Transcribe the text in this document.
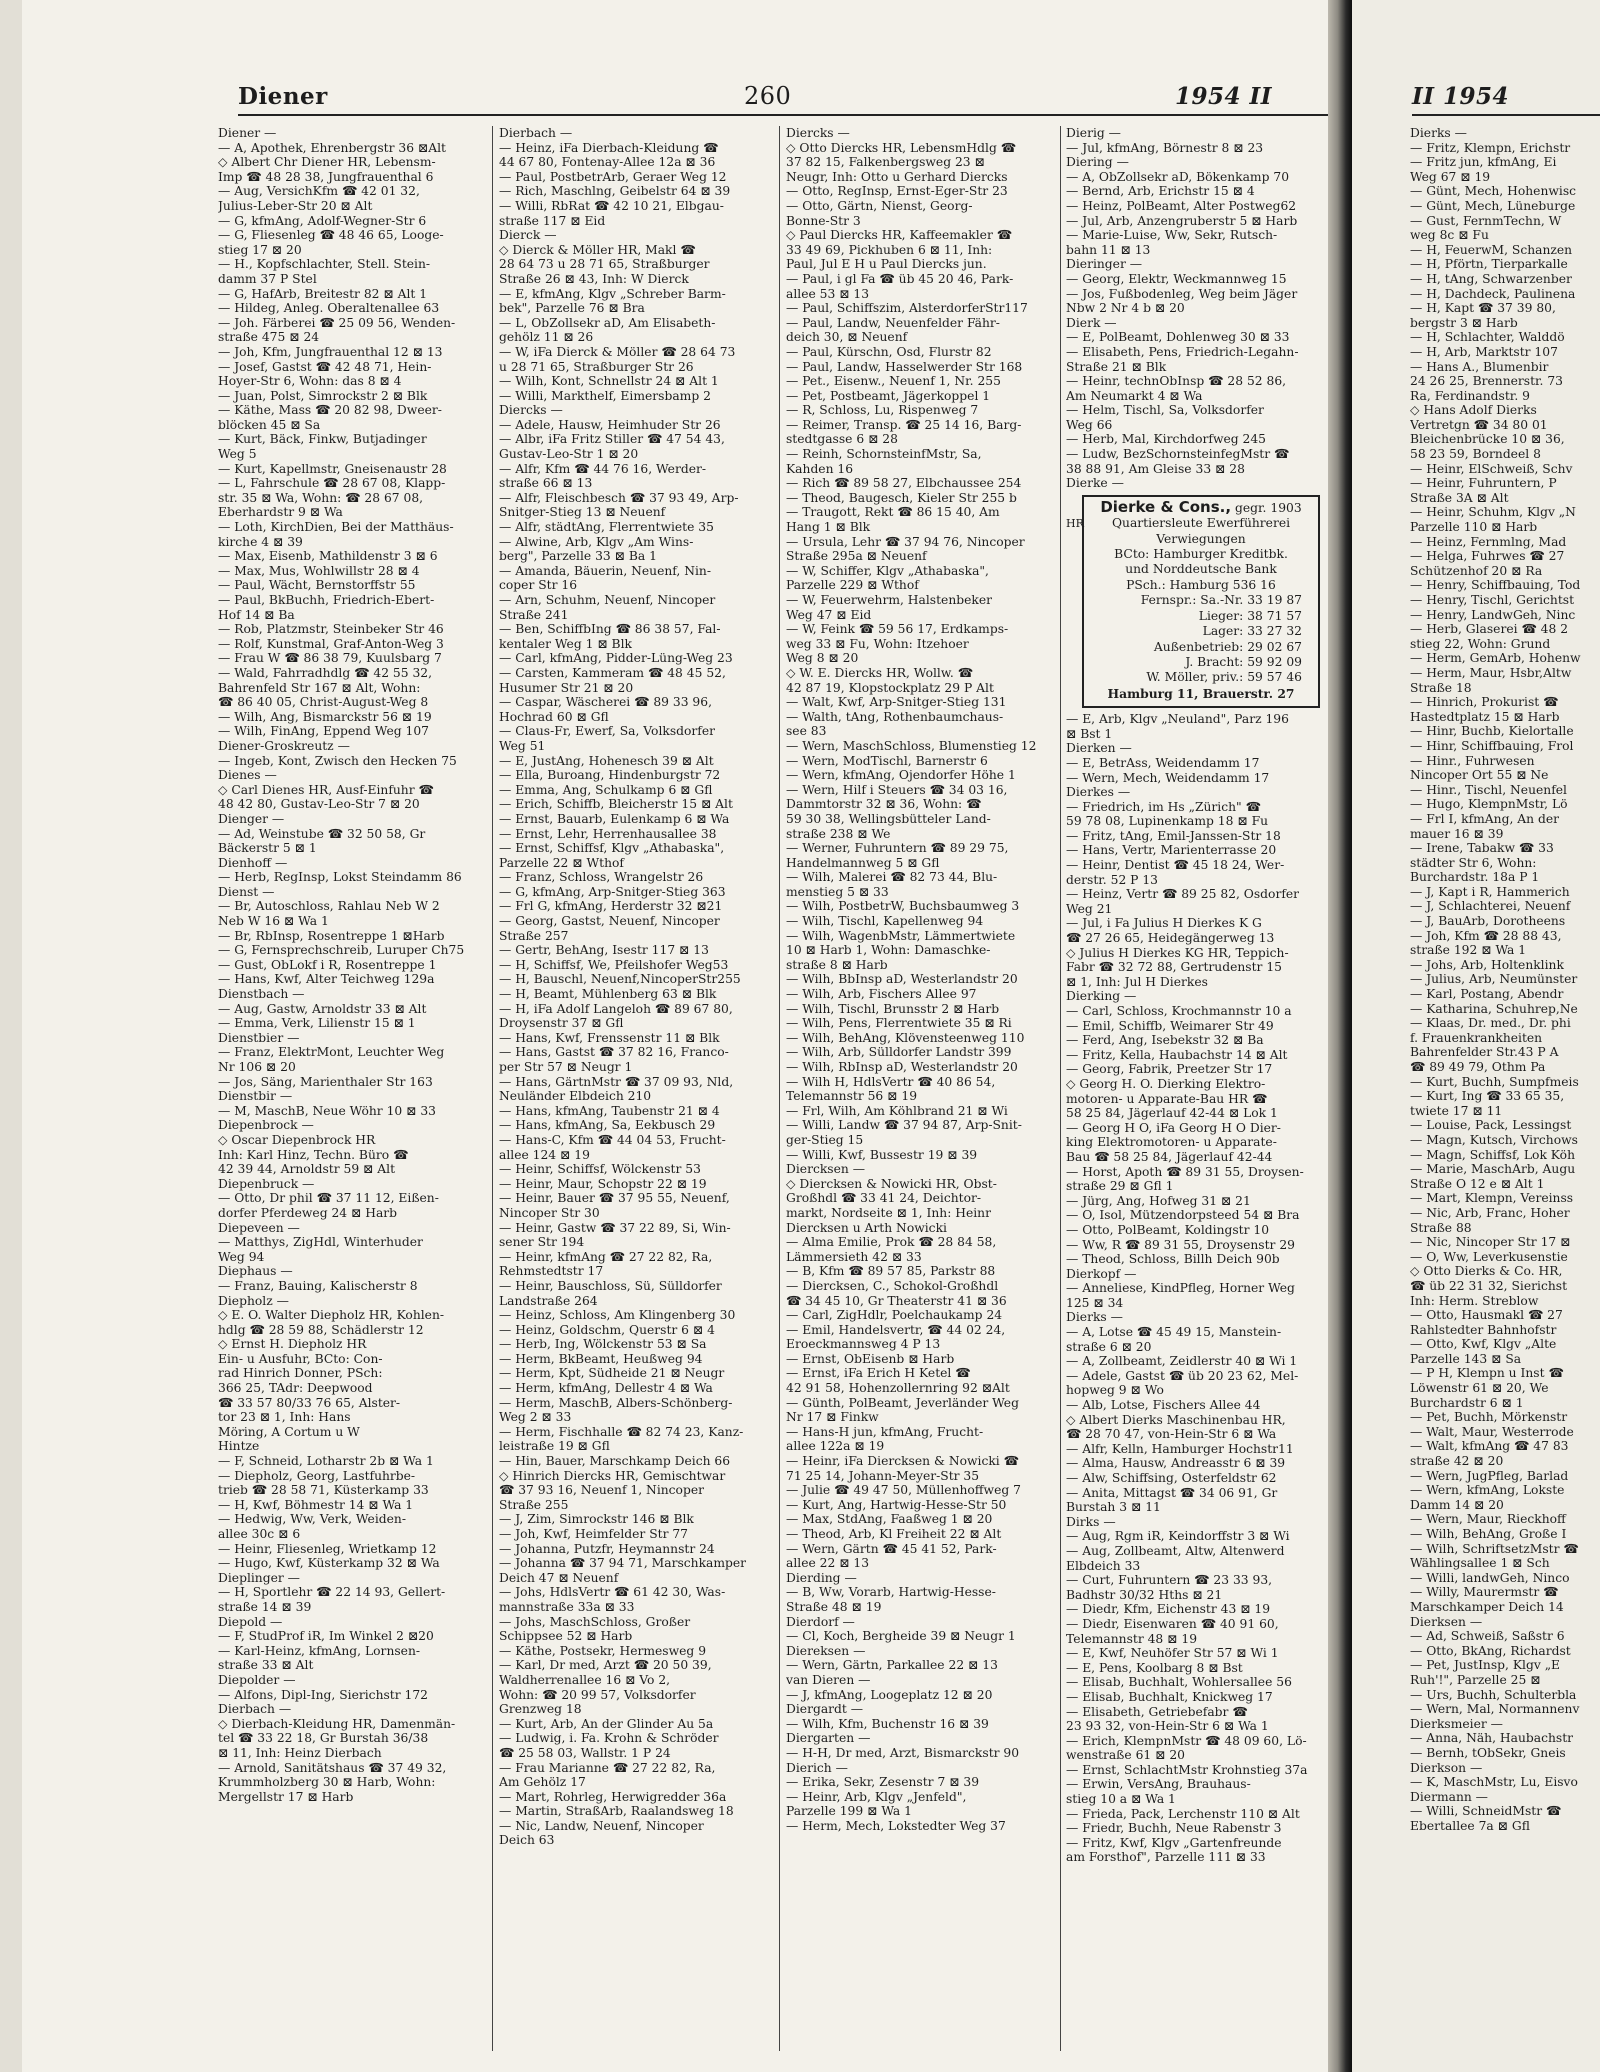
Diener	260	1954 II
Diener —
— A, Apothek, Ehrenbergstr 36 ⊠Alt
◇ Albert Chr Diener HR, Lebensm-
Imp ☎ 48 28 38, Jungfrauenthal 6
— Aug, VersichKfm ☎ 42 01 32,
Julius-Leber-Str 20 ⊠ Alt
— G, kfmAng, Adolf-Wegner-Str 6
— G, Fliesenleg ☎ 48 46 65, Looge-
stieg 17 ⊠ 20
— H., Kopfschlachter, Stell. Stein-
damm 37 P Stel
— G, HafArb, Breitestr 82 ⊠ Alt 1
— Hildeg, Anleg. Oberaltenallee 63
— Joh. Färberei ☎ 25 09 56, Wenden-
straße 475 ⊠ 24
— Joh, Kfm, Jungfrauenthal 12 ⊠ 13
— Josef, Gastst ☎ 42 48 71, Hein-
Hoyer-Str 6, Wohn: das 8 ⊠ 4
— Juan, Polst, Simrockstr 2 ⊠ Blk
— Käthe, Mass ☎ 20 82 98, Dweer-
blöcken 45 ⊠ Sa
— Kurt, Bäck, Finkw, Butjadinger
Weg 5
— Kurt, Kapellmstr, Gneisenaustr 28
— L, Fahrschule ☎ 28 67 08, Klapp-
str. 35 ⊠ Wa, Wohn: ☎ 28 67 08,
Eberhardstr 9 ⊠ Wa
— Loth, KirchDien, Bei der Matthäus-
kirche 4 ⊠ 39
— Max, Eisenb, Mathildenstr 3 ⊠ 6
— Max, Mus, Wohlwillstr 28 ⊠ 4
— Paul, Wächt, Bernstorffstr 55
— Paul, BkBuchh, Friedrich-Ebert-
Hof 14 ⊠ Ba
— Rob, Platzmstr, Steinbeker Str 46
— Rolf, Kunstmal, Graf-Anton-Weg 3
— Frau W ☎ 86 38 79, Kuulsbarg 7
— Wald, Fahrradhdlg ☎ 42 55 32,
Bahrenfeld Str 167 ⊠ Alt, Wohn:
☎ 86 40 05, Christ-August-Weg 8
— Wilh, Ang, Bismarckstr 56 ⊠ 19
— Wilh, FinAng, Eppend Weg 107
Diener-Groskreutz —
— Ingeb, Kont, Zwisch den Hecken 75
Dienes —
◇ Carl Dienes HR, Ausf-Einfuhr ☎
48 42 80, Gustav-Leo-Str 7 ⊠ 20
Dienger —
— Ad, Weinstube ☎ 32 50 58, Gr
Bäckerstr 5 ⊠ 1
Dienhoff —
— Herb, RegInsp, Lokst Steindamm 86
Dienst —
— Br, Autoschloss, Rahlau Neb W 2
Neb W 16 ⊠ Wa 1
— Br, RbInsp, Rosentreppe 1 ⊠Harb
— G, Fernsprechschreib, Luruper Ch75
— Gust, ObLokf i R, Rosentreppe 1
— Hans, Kwf, Alter Teichweg 129a
Dienstbach —
— Aug, Gastw, Arnoldstr 33 ⊠ Alt
— Emma, Verk, Lilienstr 15 ⊠ 1
Dienstbier —
— Franz, ElektrMont, Leuchter Weg
Nr 106 ⊠ 20
— Jos, Säng, Marienthaler Str 163
Dienstbir —
— M, MaschB, Neue Wöhr 10 ⊠ 33
Diepenbrock —
◇ Oscar Diepenbrock HR
Inh: Karl Hinz, Techn. Büro ☎
42 39 44, Arnoldstr 59 ⊠ Alt
Diepenbruck —
— Otto, Dr phil ☎ 37 11 12, Eißen-
dorfer Pferdeweg 24 ⊠ Harb
Diepeveen —
— Matthys, ZigHdl, Winterhuder
Weg 94
Diephaus —
— Franz, Bauing, Kalischerstr 8
Diepholz —
◇ E. O. Walter Diepholz HR, Kohlen-
hdlg ☎ 28 59 88, Schädlerstr 12
◇ Ernst H. Diepholz HR
Ein- u Ausfuhr, BCto: Con-
rad Hinrich Donner, PSch:
366 25, TAdr: Deepwood
☎ 33 57 80/33 76 65, Alster-
tor 23 ⊠ 1, Inh: Hans
Möring, A Cortum u W
Hintze
— F, Schneid, Lotharstr 2b ⊠ Wa 1
— Diepholz, Georg, Lastfuhrbe-
trieb ☎ 28 58 71, Küsterkamp 33
— H, Kwf, Böhmestr 14 ⊠ Wa 1
— Hedwig, Ww, Verk, Weiden-
allee 30c ⊠ 6
— Heinr, Fliesenleg, Wrietkamp 12
— Hugo, Kwf, Küsterkamp 32 ⊠ Wa
Dieplinger —
— H, Sportlehr ☎ 22 14 93, Gellert-
straße 14 ⊠ 39
Diepold —
— F, StudProf iR, Im Winkel 2 ⊠20
— Karl-Heinz, kfmAng, Lornsen-
straße 33 ⊠ Alt
Diepolder —
— Alfons, Dipl-Ing, Sierichstr 172
Dierbach —
◇ Dierbach-Kleidung HR, Damenmän-
tel ☎ 33 22 18, Gr Burstah 36/38
⊠ 11, Inh: Heinz Dierbach
— Arnold, Sanitätshaus ☎ 37 49 32,
Krummholzberg 30 ⊠ Harb, Wohn:
Mergellstr 17 ⊠ Harb
Dierbach —
— Heinz, iFa Dierbach-Kleidung ☎
44 67 80, Fontenay-Allee 12a ⊠ 36
— Paul, PostbetrArb, Geraer Weg 12
— Rich, Maschlng, Geibelstr 64 ⊠ 39
— Willi, RbRat ☎ 42 10 21, Elbgau-
straße 117 ⊠ Eid
Dierck —
◇ Dierck & Möller HR, Makl ☎
28 64 73 u 28 71 65, Straßburger
Straße 26 ⊠ 43, Inh: W Dierck
— E, kfmAng, Klgv „Schreber Barm-
bek", Parzelle 76 ⊠ Bra
— L, ObZollsekr aD, Am Elisabeth-
gehölz 11 ⊠ 26
— W, iFa Dierck & Möller ☎ 28 64 73
u 28 71 65, Straßburger Str 26
— Wilh, Kont, Schnellstr 24 ⊠ Alt 1
— Willi, Markthelf, Eimersbamp 2
Diercks —
— Adele, Hausw, Heimhuder Str 26
— Albr, iFa Fritz Stiller ☎ 47 54 43,
Gustav-Leo-Str 1 ⊠ 20
— Alfr, Kfm ☎ 44 76 16, Werder-
straße 66 ⊠ 13
— Alfr, Fleischbesch ☎ 37 93 49, Arp-
Snitger-Stieg 13 ⊠ Neuenf
— Alfr, städtAng, Flerrentwiete 35
— Alwine, Arb, Klgv „Am Wins-
berg", Parzelle 33 ⊠ Ba 1
— Amanda, Bäuerin, Neuenf, Nin-
coper Str 16
— Arn, Schuhm, Neuenf, Nincoper
Straße 241
— Ben, SchiffbIng ☎ 86 38 57, Fal-
kentaler Weg 1 ⊠ Blk
— Carl, kfmAng, Pidder-Lüng-Weg 23
— Carsten, Kammeram ☎ 48 45 52,
Husumer Str 21 ⊠ 20
— Caspar, Wäscherei ☎ 89 33 96,
Hochrad 60 ⊠ Gfl
— Claus-Fr, Ewerf, Sa, Volksdorfer
Weg 51
— E, JustAng, Hohenesch 39 ⊠ Alt
— Ella, Buroang, Hindenburgstr 72
— Emma, Ang, Schulkamp 6 ⊠ Gfl
— Erich, Schiffb, Bleicherstr 15 ⊠ Alt
— Ernst, Bauarb, Eulenkamp 6 ⊠ Wa
— Ernst, Lehr, Herrenhausallee 38
— Ernst, Schiffsf, Klgv „Athabaska",
Parzelle 22 ⊠ Wthof
— Franz, Schloss, Wrangelstr 26
— G, kfmAng, Arp-Snitger-Stieg 363
— Frl G, kfmAng, Herderstr 32 ⊠21
— Georg, Gastst, Neuenf, Nincoper
Straße 257
— Gertr, BehAng, Isestr 117 ⊠ 13
— H, Schiffsf, We, Pfeilshofer Weg53
— H, Bauschl, Neuenf,NincoperStr255
— H, Beamt, Mühlenberg 63 ⊠ Blk
— H, iFa Adolf Langeloh ☎ 89 67 80,
Droysenstr 37 ⊠ Gfl
— Hans, Kwf, Frenssenstr 11 ⊠ Blk
— Hans, Gastst ☎ 37 82 16, Franco-
per Str 57 ⊠ Neugr 1
— Hans, GärtnMstr ☎ 37 09 93, Nld,
Neuländer Elbdeich 210
— Hans, kfmAng, Taubenstr 21 ⊠ 4
— Hans, kfmAng, Sa, Eekbusch 29
— Hans-C, Kfm ☎ 44 04 53, Frucht-
allee 124 ⊠ 19
— Heinr, Schiffsf, Wölckenstr 53
— Heinr, Maur, Schopstr 22 ⊠ 19
— Heinr, Bauer ☎ 37 95 55, Neuenf,
Nincoper Str 30
— Heinr, Gastw ☎ 37 22 89, Si, Win-
sener Str 194
— Heinr, kfmAng ☎ 27 22 82, Ra,
Rehmstedtstr 17
— Heinr, Bauschloss, Sü, Sülldorfer
Landstraße 264
— Heinz, Schloss, Am Klingenberg 30
— Heinz, Goldschm, Querstr 6 ⊠ 4
— Herb, Ing, Wölckenstr 53 ⊠ Sa
— Herm, BkBeamt, Heußweg 94
— Herm, Kpt, Südheide 21 ⊠ Neugr
— Herm, kfmAng, Dellestr 4 ⊠ Wa
— Herm, MaschB, Albers-Schönberg-
Weg 2 ⊠ 33
— Herm, Fischhalle ☎ 82 74 23, Kanz-
leistraße 19 ⊠ Gfl
— Hin, Bauer, Marschkamp Deich 66
◇ Hinrich Diercks HR, Gemischtwar
☎ 37 93 16, Neuenf 1, Nincoper
Straße 255
— J, Zim, Simrockstr 146 ⊠ Blk
— Joh, Kwf, Heimfelder Str 77
— Johanna, Putzfr, Heymannstr 24
— Johanna ☎ 37 94 71, Marschkamper
Deich 47 ⊠ Neuenf
— Johs, HdlsVertr ☎ 61 42 30, Was-
mannstraße 33a ⊠ 33
— Johs, MaschSchloss, Großer
Schippsee 52 ⊠ Harb
— Käthe, Postsekr, Hermesweg 9
— Karl, Dr med, Arzt ☎ 20 50 39,
Waldherrenallee 16 ⊠ Vo 2,
Wohn: ☎ 20 99 57, Volksdorfer
Grenzweg 18
— Kurt, Arb, An der Glinder Au 5a
— Ludwig, i. Fa. Krohn & Schröder
☎ 25 58 03, Wallstr. 1 P 24
— Frau Marianne ☎ 27 22 82, Ra,
Am Gehölz 17
— Mart, Rohrleg, Herwigredder 36a
— Martin, StraßArb, Raalandsweg 18
— Nic, Landw, Neuenf, Nincoper
Deich 63
Diercks —
◇ Otto Diercks HR, LebensmHdlg ☎
37 82 15, Falkenbergsweg 23 ⊠
Neugr, Inh: Otto u Gerhard Diercks
— Otto, RegInsp, Ernst-Eger-Str 23
— Otto, Gärtn, Nienst, Georg-
Bonne-Str 3
◇ Paul Diercks HR, Kaffeemakler ☎
33 49 69, Pickhuben 6 ⊠ 11, Inh:
Paul, Jul E H u Paul Diercks jun.
— Paul, i gl Fa ☎ üb 45 20 46, Park-
allee 53 ⊠ 13
— Paul, Schiffszim, AlsterdorferStr117
— Paul, Landw, Neuenfelder Fähr-
deich 30, ⊠ Neuenf
— Paul, Kürschn, Osd, Flurstr 82
— Paul, Landw, Hasselwerder Str 168
— Pet., Eisenw., Neuenf 1, Nr. 255
— Pet, Postbeamt, Jägerkoppel 1
— R, Schloss, Lu, Rispenweg 7
— Reimer, Transp. ☎ 25 14 16, Barg-
stedtgasse 6 ⊠ 28
— Reinh, SchornsteinfMstr, Sa,
Kahden 16
— Rich ☎ 89 58 27, Elbchaussee 254
— Theod, Baugesch, Kieler Str 255 b
— Traugott, Rekt ☎ 86 15 40, Am
Hang 1 ⊠ Blk
— Ursula, Lehr ☎ 37 94 76, Nincoper
Straße 295a ⊠ Neuenf
— W, Schiffer, Klgv „Athabaska",
Parzelle 229 ⊠ Wthof
— W, Feuerwehrm, Halstenbeker
Weg 47 ⊠ Eid
— W, Feink ☎ 59 56 17, Erdkamps-
weg 33 ⊠ Fu, Wohn: Itzehoer
Weg 8 ⊠ 20
◇ W. E. Diercks HR, Wollw. ☎
42 87 19, Klopstockplatz 29 P Alt
— Walt, Kwf, Arp-Snitger-Stieg 131
— Walth, tAng, Rothenbaumchaus-
see 83
— Wern, MaschSchloss, Blumenstieg 12
— Wern, ModTischl, Barnerstr 6
— Wern, kfmAng, Ojendorfer Höhe 1
— Wern, Hilf i Steuers ☎ 34 03 16,
Dammtorstr 32 ⊠ 36, Wohn: ☎
59 30 38, Wellingsbütteler Land-
straße 238 ⊠ We
— Werner, Fuhruntern ☎ 89 29 75,
Handelmannweg 5 ⊠ Gfl
— Wilh, Malerei ☎ 82 73 44, Blu-
menstieg 5 ⊠ 33
— Wilh, PostbetrW, Buchsbaumweg 3
— Wilh, Tischl, Kapellenweg 94
— Wilh, WagenbMstr, Lämmertwiete
10 ⊠ Harb 1, Wohn: Damaschke-
straße 8 ⊠ Harb
— Wilh, BbInsp aD, Westerlandstr 20
— Wilh, Arb, Fischers Allee 97
— Wilh, Tischl, Brunsstr 2 ⊠ Harb
— Wilh, Pens, Flerrentwiete 35 ⊠ Ri
— Wilh, BehAng, Klövensteenweg 110
— Wilh, Arb, Sülldorfer Landstr 399
— Wilh, RbInsp aD, Westerlandstr 20
— Wilh H, HdlsVertr ☎ 40 86 54,
Telemannstr 56 ⊠ 19
— Frl, Wilh, Am Köhlbrand 21 ⊠ Wi
— Willi, Landw ☎ 37 94 87, Arp-Snit-
ger-Stieg 15
— Willi, Kwf, Bussestr 19 ⊠ 39
Diercksen —
◇ Diercksen & Nowicki HR, Obst-
Großhdl ☎ 33 41 24, Deichtor-
markt, Nordseite ⊠ 1, Inh: Heinr
Diercksen u Arth Nowicki
— Alma Emilie, Prok ☎ 28 84 58,
Lämmersieth 42 ⊠ 33
— B, Kfm ☎ 89 57 85, Parkstr 88
— Diercksen, C., Schokol-Großhdl
☎ 34 45 10, Gr Theaterstr 41 ⊠ 36
— Carl, ZigHdlr, Poelchaukamp 24
— Emil, Handelsvertr, ☎ 44 02 24,
Eroeckmannsweg 4 P 13
— Ernst, ObEisenb ⊠ Harb
— Ernst, iFa Erich H Ketel ☎
42 91 58, Hohenzollernring 92 ⊠Alt
— Günth, PolBeamt, Jeverländer Weg
Nr 17 ⊠ Finkw
— Hans-H jun, kfmAng, Frucht-
allee 122a ⊠ 19
— Heinr, iFa Diercksen & Nowicki ☎
71 25 14, Johann-Meyer-Str 35
— Julie ☎ 49 47 50, Müllenhoffweg 7
— Kurt, Ang, Hartwig-Hesse-Str 50
— Max, StdAng, Faaßweg 1 ⊠ 20
— Theod, Arb, Kl Freiheit 22 ⊠ Alt
— Wern, Gärtn ☎ 45 41 52, Park-
allee 22 ⊠ 13
Dierding —
— B, Ww, Vorarb, Hartwig-Hesse-
Straße 48 ⊠ 19
Dierdorf —
— Cl, Koch, Bergheide 39 ⊠ Neugr 1
Diereksen —
— Wern, Gärtn, Parkallee 22 ⊠ 13
van Dieren —
— J, kfmAng, Loogeplatz 12 ⊠ 20
Diergardt —
— Wilh, Kfm, Buchenstr 16 ⊠ 39
Diergarten —
— H-H, Dr med, Arzt, Bismarckstr 90
Dierich —
— Erika, Sekr, Zesenstr 7 ⊠ 39
— Heinr, Arb, Klgv „Jenfeld",
Parzelle 199 ⊠ Wa 1
— Herm, Mech, Lokstedter Weg 37
Dierig —
— Jul, kfmAng, Börnestr 8 ⊠ 23
Diering —
— A, ObZollsekr aD, Bökenkamp 70
— Bernd, Arb, Erichstr 15 ⊠ 4
— Heinz, PolBeamt, Alter Postweg62
— Jul, Arb, Anzengruberstr 5 ⊠ Harb
— Marie-Luise, Ww, Sekr, Rutsch-
bahn 11 ⊠ 13
Dieringer —
— Georg, Elektr, Weckmannweg 15
— Jos, Fußbodenleg, Weg beim Jäger
Nbw 2 Nr 4 b ⊠ 20
Dierk —
— E, PolBeamt, Dohlenweg 30 ⊠ 33
— Elisabeth, Pens, Friedrich-Legahn-
Straße 21 ⊠ Blk
— Heinr, technObInsp ☎ 28 52 86,
Am Neumarkt 4 ⊠ Wa
— Helm, Tischl, Sa, Volksdorfer
Weg 66
— Herb, Mal, Kirchdorfweg 245
— Ludw, BezSchornsteinfegMstr ☎
38 88 91, Am Gleise 33 ⊠ 28
Dierke —
HR
Dierke & Cons., gegr. 1903
Quartiersleute Ewerführerei
Verwiegungen
BCto: Hamburger Kreditbk.
und Norddeutsche Bank
PSch.: Hamburg 536 16
Fernspr.: Sa.-Nr. 33 19 87
Lieger: 38 71 57
Lager: 33 27 32
Außenbetrieb: 29 02 67
J. Bracht: 59 92 09
W. Möller, priv.: 59 57 46
Hamburg 11, Brauerstr. 27
— E, Arb, Klgv „Neuland", Parz 196
⊠ Bst 1
Dierken —
— E, BetrAss, Weidendamm 17
— Wern, Mech, Weidendamm 17
Dierkes —
— Friedrich, im Hs „Zürich" ☎
59 78 08, Lupinenkamp 18 ⊠ Fu
— Fritz, tAng, Emil-Janssen-Str 18
— Hans, Vertr, Marienterrasse 20
— Heinr, Dentist ☎ 45 18 24, Wer-
derstr. 52 P 13
— Heinz, Vertr ☎ 89 25 82, Osdorfer
Weg 21
— Jul, i Fa Julius H Dierkes K G
☎ 27 26 65, Heidegängerweg 13
◇ Julius H Dierkes KG HR, Teppich-
Fabr ☎ 32 72 88, Gertrudenstr 15
⊠ 1, Inh: Jul H Dierkes
Dierking —
— Carl, Schloss, Krochmannstr 10 a
— Emil, Schiffb, Weimarer Str 49
— Ferd, Ang, Isebekstr 32 ⊠ Ba
— Fritz, Kella, Haubachstr 14 ⊠ Alt
— Georg, Fabrik, Preetzer Str 17
◇ Georg H. O. Dierking Elektro-
motoren- u Apparate-Bau HR ☎
58 25 84, Jägerlauf 42-44 ⊠ Lok 1
— Georg H O, iFa Georg H O Dier-
king Elektromotoren- u Apparate-
Bau ☎ 58 25 84, Jägerlauf 42-44
— Horst, Apoth ☎ 89 31 55, Droysen-
straße 29 ⊠ Gfl 1
— Jürg, Ang, Hofweg 31 ⊠ 21
— O, Isol, Mützendorpsteed 54 ⊠ Bra
— Otto, PolBeamt, Koldingstr 10
— Ww, R ☎ 89 31 55, Droysenstr 29
— Theod, Schloss, Billh Deich 90b
Dierkopf —
— Anneliese, KindPfleg, Horner Weg
125 ⊠ 34
Dierks —
— A, Lotse ☎ 45 49 15, Manstein-
straße 6 ⊠ 20
— A, Zollbeamt, Zeidlerstr 40 ⊠ Wi 1
— Adele, Gastst ☎ üb 20 23 62, Mel-
hopweg 9 ⊠ Wo
— Alb, Lotse, Fischers Allee 44
◇ Albert Dierks Maschinenbau HR,
☎ 28 70 47, von-Hein-Str 6 ⊠ Wa
— Alfr, Kelln, Hamburger Hochstr11
— Alma, Hausw, Andreasstr 6 ⊠ 39
— Alw, Schiffsing, Osterfeldstr 62
— Anita, Mittagst ☎ 34 06 91, Gr
Burstah 3 ⊠ 11
Dirks —
— Aug, Rgm iR, Keindorffstr 3 ⊠ Wi
— Aug, Zollbeamt, Altw, Altenwerd
Elbdeich 33
— Curt, Fuhruntern ☎ 23 33 93,
Badhstr 30/32 Hths ⊠ 21
— Diedr, Kfm, Eichenstr 43 ⊠ 19
— Diedr, Eisenwaren ☎ 40 91 60,
Telemannstr 48 ⊠ 19
— E, Kwf, Neuhöfer Str 57 ⊠ Wi 1
— E, Pens, Koolbarg 8 ⊠ Bst
— Elisab, Buchhalt, Wohlersallee 56
— Elisab, Buchhalt, Knickweg 17
— Elisabeth, Getriebefabr ☎
23 93 32, von-Hein-Str 6 ⊠ Wa 1
— Erich, KlempnMstr ☎ 48 09 60, Lö-
wenstraße 61 ⊠ 20
— Ernst, SchlachtMstr Krohnstieg 37a
— Erwin, VersAng, Brauhaus-
stieg 10 a ⊠ Wa 1
— Frieda, Pack, Lerchenstr 110 ⊠ Alt
— Friedr, Buchh, Neue Rabenstr 3
— Fritz, Kwf, Klgv „Gartenfreunde
am Forsthof", Parzelle 111 ⊠ 33
II 1954
Dierks —
— Fritz, Klempn, Erichstr
— Fritz jun, kfmAng, Ei
Weg 67 ⊠ 19
— Günt, Mech, Hohenwisc
— Günt, Mech, Lüneburge
— Gust, FernmTechn, W
weg 8c ⊠ Fu
— H, FeuerwM, Schanzen
— H, Pförtn, Tierparkalle
— H, tAng, Schwarzenber
— H, Dachdeck, Paulinena
— H, Kapt ☎ 37 39 80,
bergstr 3 ⊠ Harb
— H, Schlachter, Walddö
— H, Arb, Marktstr 107
— Hans A., Blumenbir
24 26 25, Brennerstr. 73
Ra, Ferdinandstr. 9
◇ Hans Adolf Dierks
Vertretgn ☎ 34 80 01
Bleichenbrücke 10 ⊠ 36,
58 23 59, Borndeel 8
— Heinr, ElSchweiß, Schv
— Heinr, Fuhruntern, P
Straße 3A ⊠ Alt
— Heinr, Schuhm, Klgv „N
Parzelle 110 ⊠ Harb
— Heinz, Fernmlng, Mad
— Helga, Fuhrwes ☎ 27
Schützenhof 20 ⊠ Ra
— Henry, Schiffbauing, Tod
— Henry, Tischl, Gerichtst
— Henry, LandwGeh, Ninc
— Herb, Glaserei ☎ 48 2
stieg 22, Wohn: Grund
— Herm, GemArb, Hohenw
— Herm, Maur, Hsbr,Altw
Straße 18
— Hinrich, Prokurist ☎
Hastedtplatz 15 ⊠ Harb
— Hinr, Buchb, Kielortalle
— Hinr, Schiffbauing, Frol
— Hinr., Fuhrwesen
Nincoper Ort 55 ⊠ Ne
— Hinr., Tischl, Neuenfel
— Hugo, KlempnMstr, Lö
— Frl I, kfmAng, An der
mauer 16 ⊠ 39
— Irene, Tabakw ☎ 33
städter Str 6, Wohn:
Burchardstr. 18a P 1
— J, Kapt i R, Hammerich
— J, Schlachterei, Neuenf
— J, BauArb, Dorotheens
— Joh, Kfm ☎ 28 88 43,
straße 192 ⊠ Wa 1
— Johs, Arb, Holtenklink
— Julius, Arb, Neumünster
— Karl, Postang, Abendr
— Katharina, Schuhrep,Ne
— Klaas, Dr. med., Dr. phi
f. Frauenkrankheiten
Bahrenfelder Str.43 P A
☎ 89 49 79, Othm Pa
— Kurt, Buchh, Sumpfmeis
— Kurt, Ing ☎ 33 65 35,
twiete 17 ⊠ 11
— Louise, Pack, Lessingst
— Magn, Kutsch, Virchows
— Magn, Schiffsf, Lok Köh
— Marie, MaschArb, Augu
Straße O 12 e ⊠ Alt 1
— Mart, Klempn, Vereinss
— Nic, Arb, Franc, Hoher
Straße 88
— Nic, Nincoper Str 17 ⊠
— O, Ww, Leverkusenstie
◇ Otto Dierks & Co. HR,
☎ üb 22 31 32, Sierichst
Inh: Herm. Streblow
— Otto, Hausmakl ☎ 27
Rahlstedter Bahnhofstr
— Otto, Kwf, Klgv „Alte
Parzelle 143 ⊠ Sa
— P H, Klempn u Inst ☎
Löwenstr 61 ⊠ 20, We
Burchardstr 6 ⊠ 1
— Pet, Buchh, Mörkenstr
— Walt, Maur, Westerrode
— Walt, kfmAng ☎ 47 83
straße 42 ⊠ 20
— Wern, JugPfleg, Barlad
— Wern, kfmAng, Lokste
Damm 14 ⊠ 20
— Wern, Maur, Rieckhoff
— Wilh, BehAng, Große I
— Wilh, SchriftsetzMstr ☎
Wählingsallee 1 ⊠ Sch
— Willi, landwGeh, Ninco
— Willy, Maurermstr ☎
Marschkamper Deich 14
Dierksen —
— Ad, Schweiß, Saßstr 6
— Otto, BkAng, Richardst
— Pet, JustInsp, Klgv „E
Ruh'!", Parzelle 25 ⊠
— Urs, Buchh, Schulterbla
— Wern, Mal, Normannenv
Dierksmeier —
— Anna, Näh, Haubachstr
— Bernh, tObSekr, Gneis
Dierkson —
— K, MaschMstr, Lu, Eisvo
Diermann —
— Willi, SchneidMstr ☎
Ebertallee 7a ⊠ Gfl
